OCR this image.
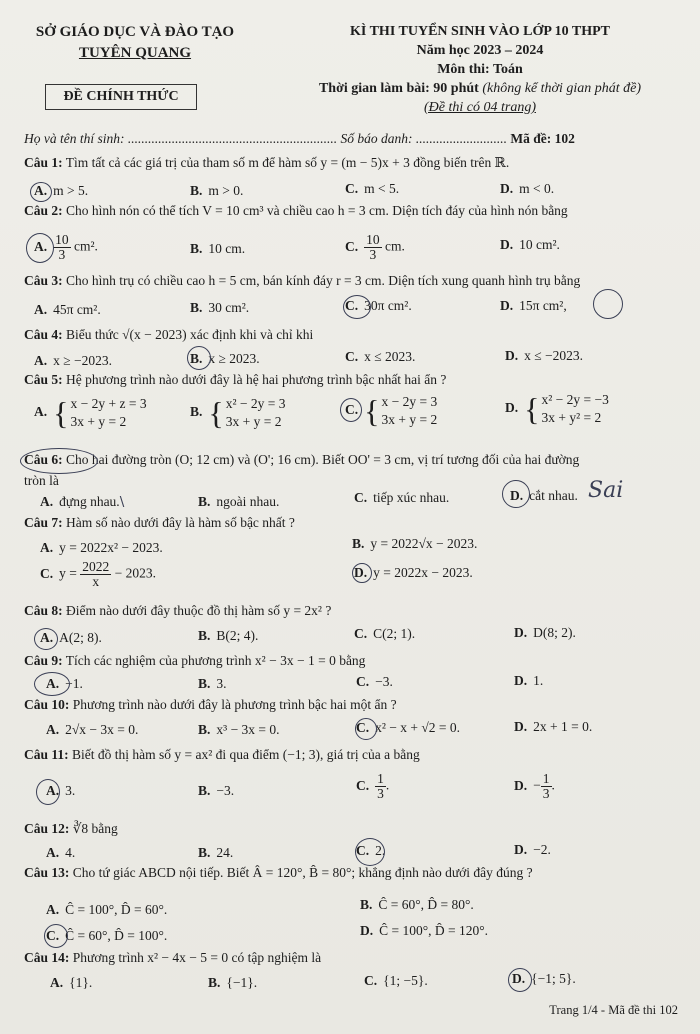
SỞ GIÁO DỤC VÀ ĐÀO TẠO
TUYÊN QUANG
KÌ THI TUYỂN SINH VÀO LỚP 10 THPT
Năm học 2023 – 2024
Môn thi: Toán
Thời gian làm bài: 90 phút (không kể thời gian phát đề)
(Đề thi có 04 trang)
ĐỀ CHÍNH THỨC
Họ và tên thí sinh: .............................................................. Số báo danh: ........................... Mã đề: 102
Câu 1: Tìm tất cả các giá trị của tham số m để hàm số y = (m − 5)x + 3 đồng biến trên ℝ.
A. m > 5.	B. m > 0.	C. m < 5.	D. m < 0.
Câu 2: Cho hình nón có thể tích V = 10 cm³ và chiều cao h = 3 cm. Diện tích đáy của hình nón bằng
A. $\frac{10}{3} cm^2$.	B. 10 cm.	C. $\frac{10}{3}$ cm.	D. 10 cm².
Câu 3: Cho hình trụ có chiều cao h = 5 cm, bán kính đáy r = 3 cm. Diện tích xung quanh hình trụ bằng
A. 45π cm².	B. 30 cm².	C. 30π cm².	D. 15π cm²,
Câu 4: Biểu thức √(x − 2023) xác định khi và chỉ khi
A. x ≥ −2023.	B. x ≥ 2023.	C. x ≤ 2023.	D. x ≤ −2023.
Câu 5: Hệ phương trình nào dưới đây là hệ hai phương trình bậc nhất hai ẩn ?
A. { x − 2y + z = 3
3x + y = 2
B. { x² − 2y = 3
3x + y = 2
C. { x − 2y = 3
3x + y = 2
D. { x² − 2y = −3
3x + y² = 2
Câu 6: Cho hai đường tròn (O; 12 cm) và (O'; 16 cm). Biết OO' = 3 cm, vị trí tương đối của hai đường
tròn là
A. đựng nhau. \	B. ngoài nhau.	C. tiếp xúc nhau.	D. cắt nhau. Sai
Câu 7: Hàm số nào dưới đây là hàm số bậc nhất ?
A. y = 2022x² − 2023.	B. y = 2022√x − 2023.
C. $y = \frac{2022}{x} - 2023$.	D. y = 2022x − 2023.
Câu 8: Điểm nào dưới đây thuộc đồ thị hàm số y = 2x² ?
A. A(2; 8).	B. B(2; 4).	C. C(2; 1).	D. D(8; 2).
Câu 9: Tích các nghiệm của phương trình x² − 3x − 1 = 0 bằng
A. −1.	B. 3.	C. −3.	D. 1.
Câu 10: Phương trình nào dưới đây là phương trình bậc hai một ẩn ?
A. 2√x − 3x = 0.	B. x³ − 3x = 0.	C. x² − x + √2 = 0.	D. 2x + 1 = 0.
Câu 11: Biết đồ thị hàm số y = ax² đi qua điểm (−1; 3), giá trị của a bằng
A. 3.	B. −3.	C. $\frac{1}{3}$ .	D. − $\frac{1}{3}$ .
Câu 12: ∛8 bằng
A. 4.	B. 24.	C. 2.	D. −2.
Câu 13: Cho tứ giác ABCD nội tiếp. Biết Â = 120°, B̂ = 80°; khẳng định nào dưới đây đúng ?
A. Ĉ = 100°, D̂ = 60°.	B. Ĉ = 60°, D̂ = 80°.
C. Ĉ = 60°, D̂ = 100°.	D. Ĉ = 100°, D̂ = 120°.
Câu 14: Phương trình x² − 4x − 5 = 0 có tập nghiệm là
A. {1}.	B. {−1}.	C. {1; −5}.	D. {−1; 5}.
Trang 1/4 - Mã đề thi 102
